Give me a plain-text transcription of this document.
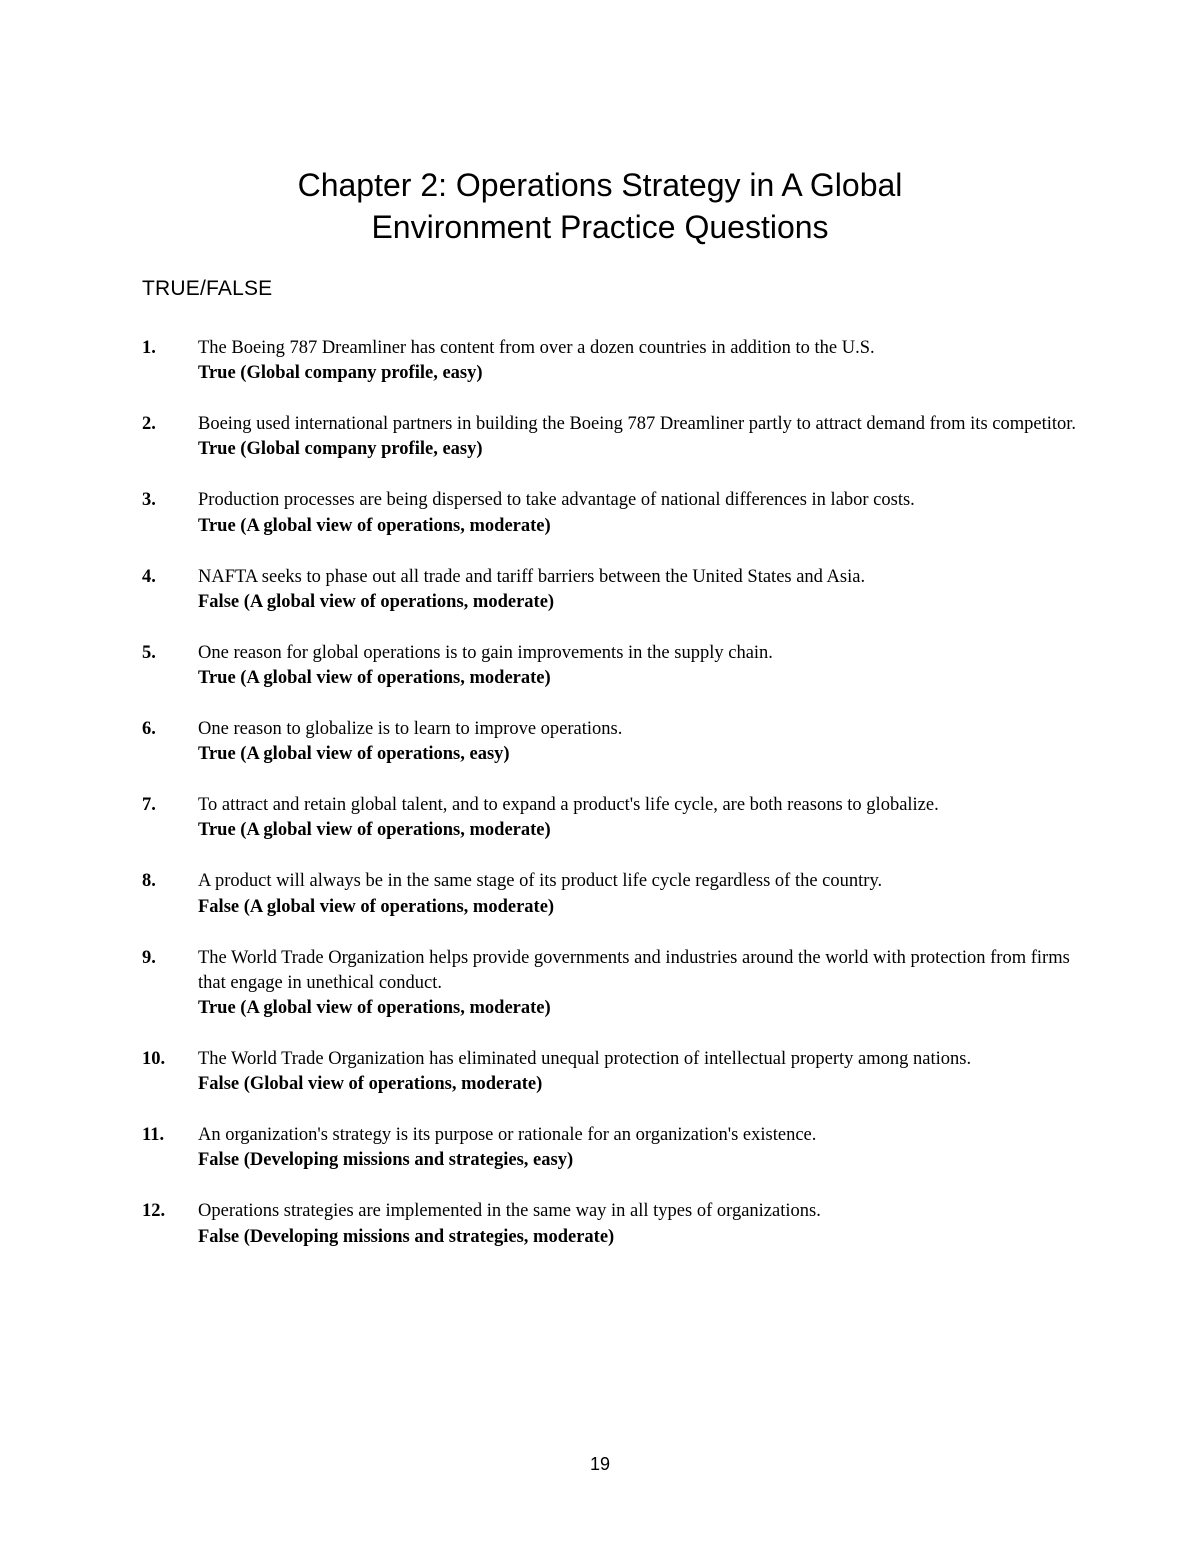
Chapter 2: Operations Strategy in A Global
Environment Practice Questions
TRUE/FALSE
1. The Boeing 787 Dreamliner has content from over a dozen countries in addition to the U.S.
True (Global company profile, easy)
2. Boeing used international partners in building the Boeing 787 Dreamliner partly to attract demand from its competitor.
True (Global company profile, easy)
3. Production processes are being dispersed to take advantage of national differences in labor costs.
True (A global view of operations, moderate)
4. NAFTA seeks to phase out all trade and tariff barriers between the United States and Asia.
False (A global view of operations, moderate)
5. One reason for global operations is to gain improvements in the supply chain.
True (A global view of operations, moderate)
6. One reason to globalize is to learn to improve operations.
True (A global view of operations, easy)
7. To attract and retain global talent, and to expand a product's life cycle, are both reasons to globalize.
True (A global view of operations, moderate)
8. A product will always be in the same stage of its product life cycle regardless of the country.
False (A global view of operations, moderate)
9. The World Trade Organization helps provide governments and industries around the world with protection from firms that engage in unethical conduct.
True (A global view of operations, moderate)
10. The World Trade Organization has eliminated unequal protection of intellectual property among nations.
False (Global view of operations, moderate)
11. An organization's strategy is its purpose or rationale for an organization's existence.
False (Developing missions and strategies, easy)
12. Operations strategies are implemented in the same way in all types of organizations.
False (Developing missions and strategies, moderate)
19
